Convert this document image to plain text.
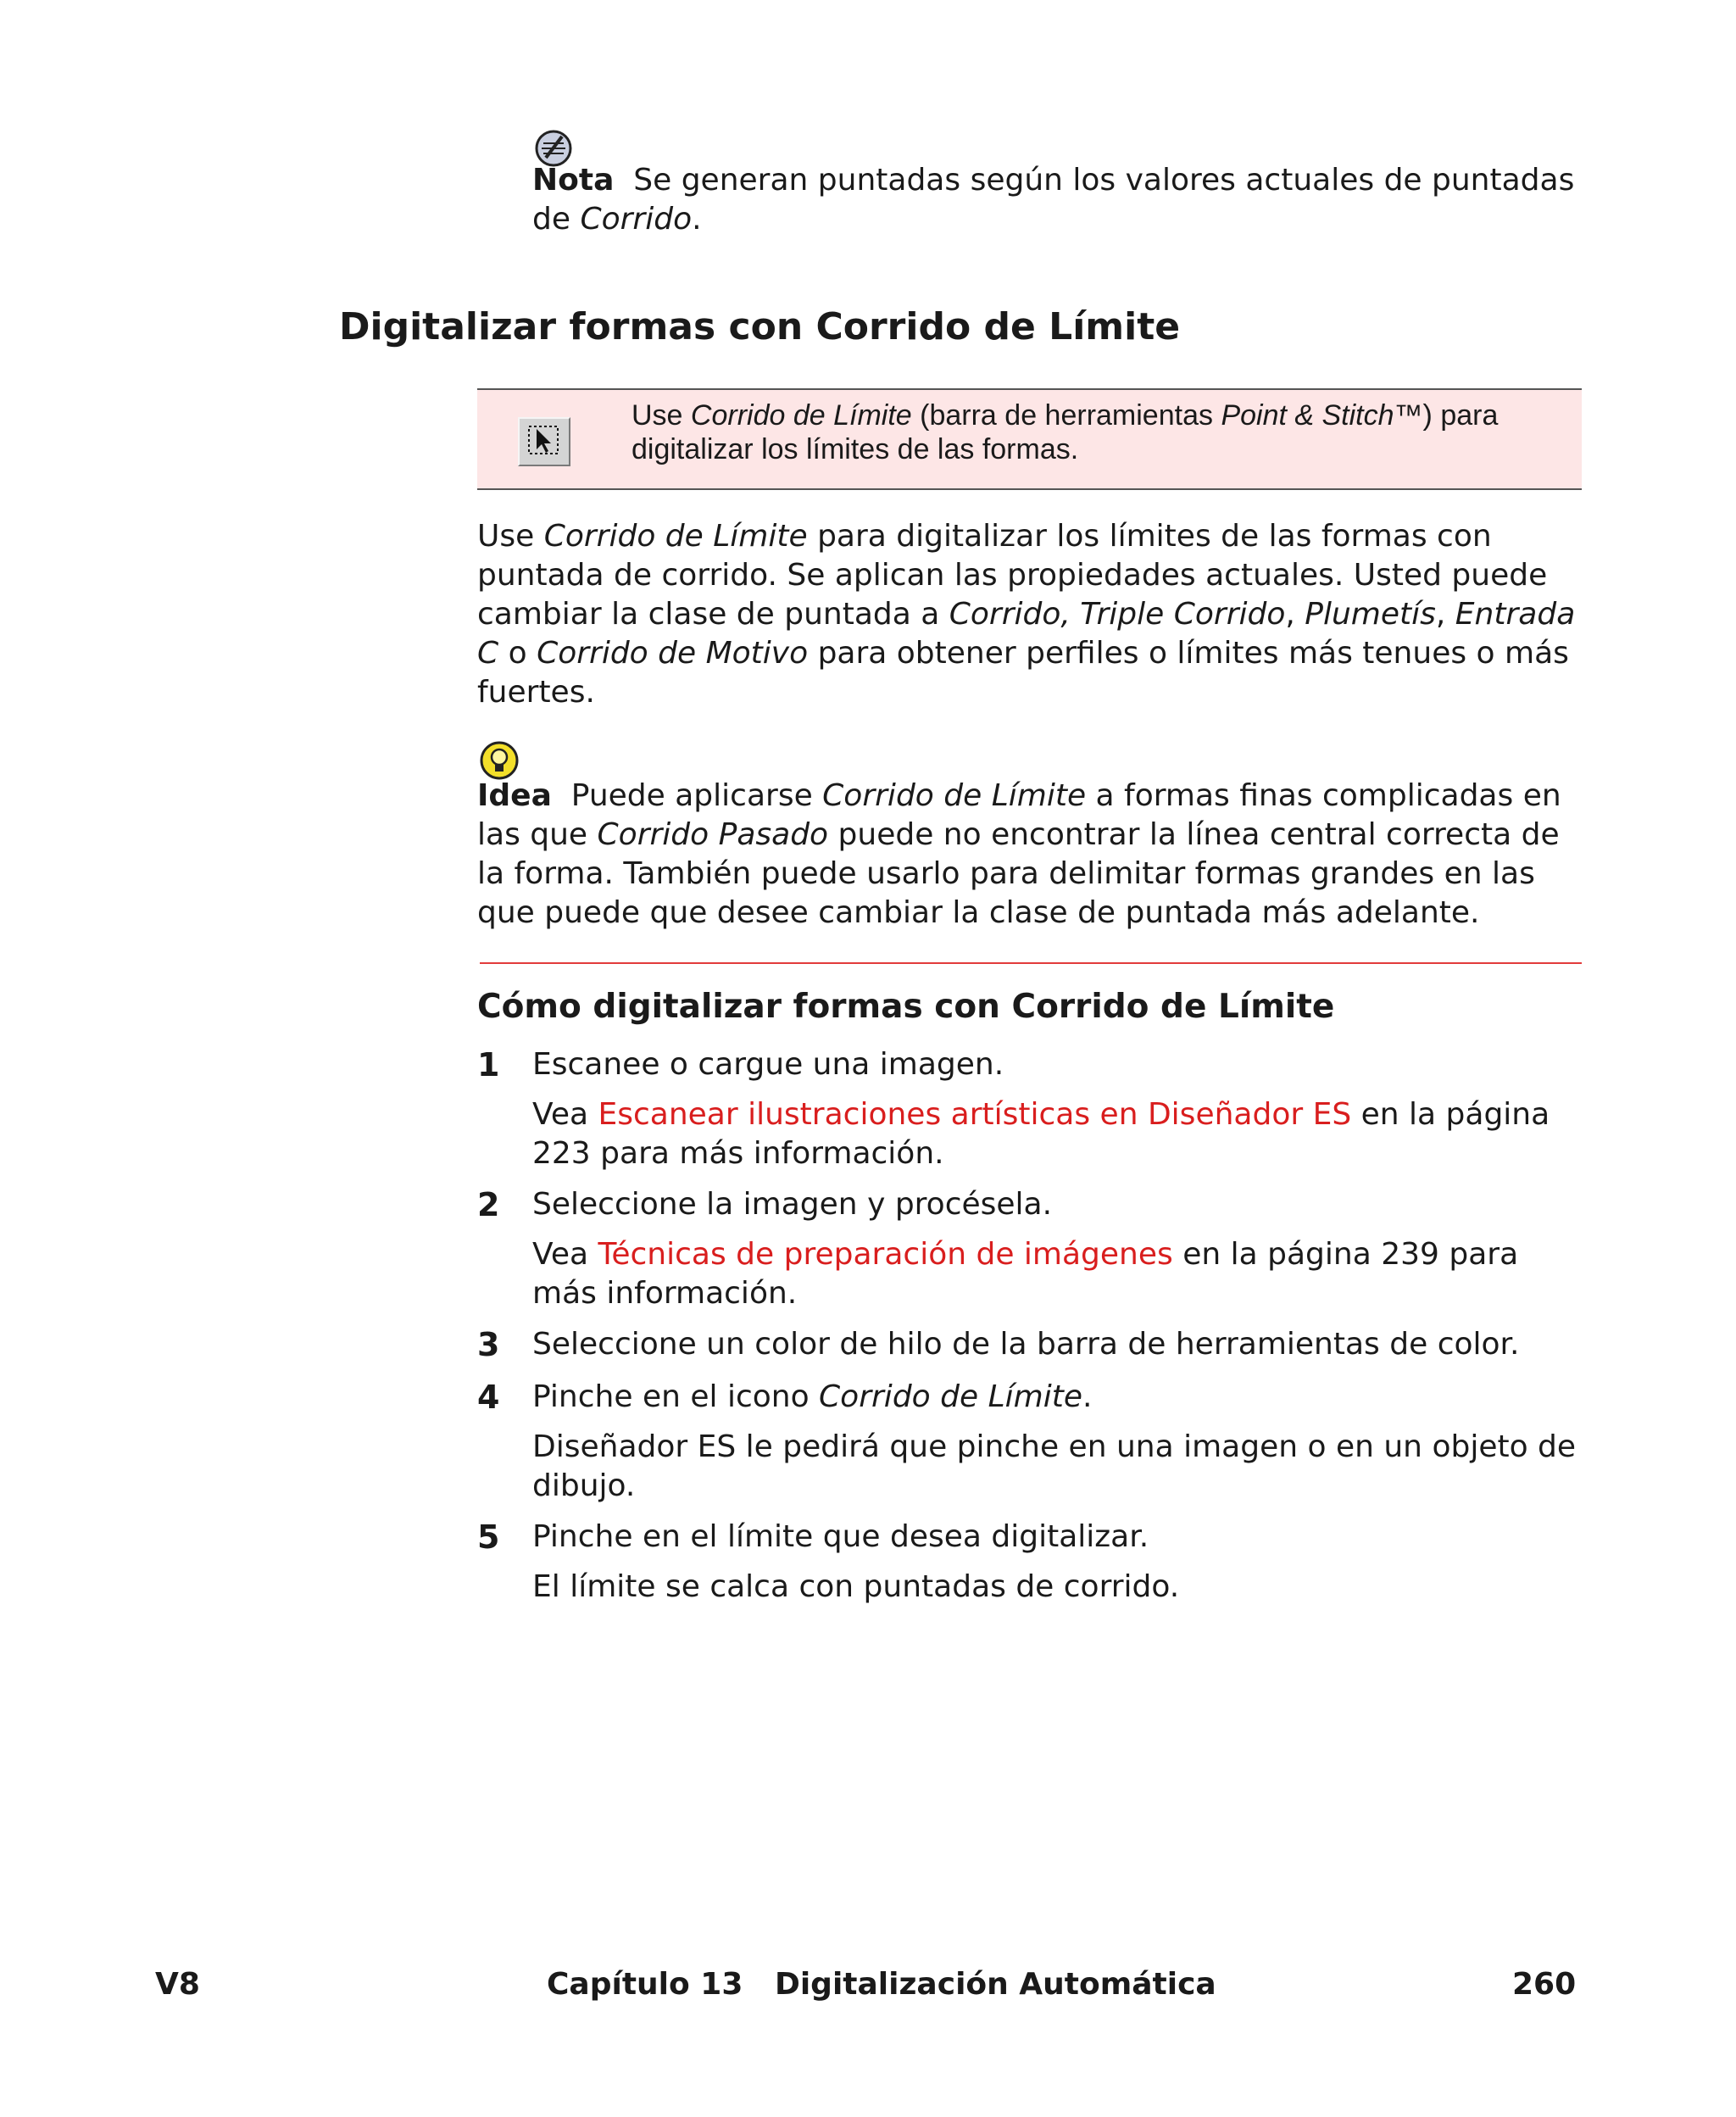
Nota Se generan puntadas según los valores actuales de puntadas de Corrido.
Digitalizar formas con Corrido de Límite
Use Corrido de Límite (barra de herramientas Point & Stitch™) para digitalizar los límites de las formas.
Use Corrido de Límite para digitalizar los límites de las formas con puntada de corrido. Se aplican las propiedades actuales. Usted puede cambiar la clase de puntada a Corrido, Triple Corrido, Plumetís, Entrada C o Corrido de Motivo para obtener perfiles o límites más tenues o más fuertes.
Idea Puede aplicarse Corrido de Límite a formas finas complicadas en las que Corrido Pasado puede no encontrar la línea central correcta de la forma. También puede usarlo para delimitar formas grandes en las que puede que desee cambiar la clase de puntada más adelante.
Cómo digitalizar formas con Corrido de Límite
1	Escanee o cargue una imagen.
Vea Escanear ilustraciones artísticas en Diseñador ES en la página 223 para más información.
2	Seleccione la imagen y procésela.
Vea Técnicas de preparación de imágenes en la página 239 para más información.
3	Seleccione un color de hilo de la barra de herramientas de color.
4	Pinche en el icono Corrido de Límite.
Diseñador ES le pedirá que pinche en una imagen o en un objeto de dibujo.
5	Pinche en el límite que desea digitalizar.
El límite se calca con puntadas de corrido.
V8	Capítulo 13   Digitalización Automática	260
